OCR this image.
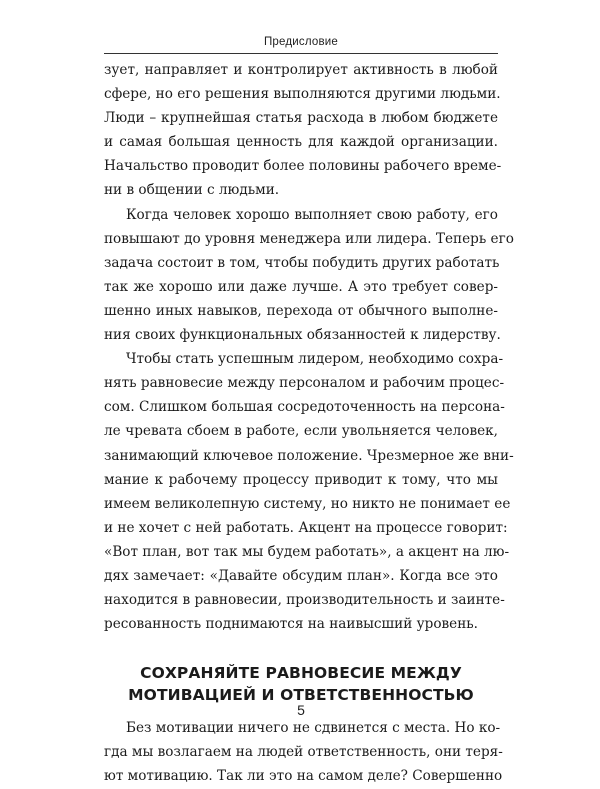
Предисловие

зует, направляет и контролирует активность в любой
сфере, но его решения выполняются другими людьми.
Люди – крупнейшая статья расхода в любом бюджете
и самая большая ценность для каждой организации.
Начальство проводит более половины рабочего време-
ни в общении с людьми.

Когда человек хорошо выполняет свою работу, его
повышают до уровня менеджера или лидера. Теперь его
задача состоит в том, чтобы побудить других работать
так же хорошо или даже лучше. А это требует совер-
шенно иных навыков, перехода от обычного выполне-
ния своих функциональных обязанностей к лидерству.

Чтобы стать успешным лидером, необходимо сохра-
нять равновесие между персоналом и рабочим процес-
сом. Слишком большая сосредоточенность на персона-
ле чревата сбоем в работе, если увольняется человек,
занимающий ключевое положение. Чрезмерное же вни-
мание к рабочему процессу приводит к тому, что мы
имеем великолепную систему, но никто не понимает ее
и не хочет с ней работать. Акцент на процессе говорит:
«Вот план, вот так мы будем работать», а акцент на лю-
дях замечает: «Давайте обсудим план». Когда все это
находится в равновесии, производительность и заинте-
ресованность поднимаются на наивысший уровень.

СОХРАНЯЙТЕ РАВНОВЕСИЕ МЕЖДУ
МОТИВАЦИЕЙ И ОТВЕТСТВЕННОСТЬЮ

Без мотивации ничего не сдвинется с места. Но ко-
гда мы возлагаем на людей ответственность, они теря-
ют мотивацию. Так ли это на самом деле? Совершенно

5
